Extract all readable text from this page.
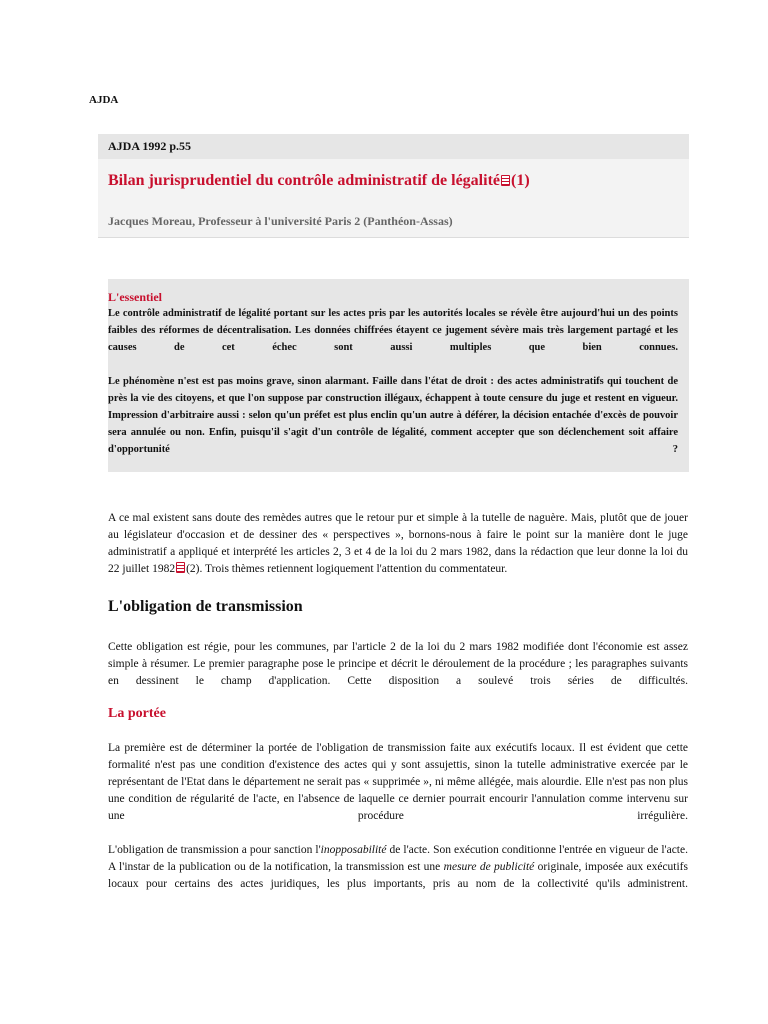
AJDA

AJDA 1992 p.55
Bilan jurisprudentiel du contrôle administratif de légalité (1)

Jacques Moreau, Professeur à l'université Paris 2 (Panthéon-Assas)

L'essentiel

Le contrôle administratif de légalité portant sur les actes pris par les autorités locales se révèle être aujourd'hui un des points faibles des réformes de décentralisation. Les données chiffrées étayent ce jugement sévère mais très largement partagé et les causes de cet échec sont aussi multiples que bien connues.

Le phénomène n'est est pas moins grave, sinon alarmant. Faille dans l'état de droit : des actes administratifs qui touchent de près la vie des citoyens, et que l'on suppose par construction illégaux, échappent à toute censure du juge et restent en vigueur. Impression d'arbitraire aussi : selon qu'un préfet est plus enclin qu'un autre à déférer, la décision entachée d'excès de pouvoir sera annulée ou non. Enfin, puisqu'il s'agit d'un contrôle de légalité, comment accepter que son déclenchement soit affaire d'opportunité ?

A ce mal existent sans doute des remèdes autres que le retour pur et simple à la tutelle de naguère. Mais, plutôt que de jouer au législateur d'occasion et de dessiner des « perspectives », bornons-nous à faire le point sur la manière dont le juge administratif a appliqué et interprété les articles 2, 3 et 4 de la loi du 2 mars 1982, dans la rédaction que leur donne la loi du 22 juillet 1982 (2). Trois thèmes retiennent logiquement l'attention du commentateur.

L'obligation de transmission

Cette obligation est régie, pour les communes, par l'article 2 de la loi du 2 mars 1982 modifiée dont l'économie est assez simple à résumer. Le premier paragraphe pose le principe et décrit le déroulement de la procédure ; les paragraphes suivants en dessinent le champ d'application. Cette disposition a soulevé trois séries de difficultés.

La portée

La première est de déterminer la portée de l'obligation de transmission faite aux exécutifs locaux. Il est évident que cette formalité n'est pas une condition d'existence des actes qui y sont assujettis, sinon la tutelle administrative exercée par le représentant de l'Etat dans le département ne serait pas « supprimée », ni même allégée, mais alourdie. Elle n'est pas non plus une condition de régularité de l'acte, en l'absence de laquelle ce dernier pourrait encourir l'annulation comme intervenu sur une procédure irrégulière.

L'obligation de transmission a pour sanction l'inopposabilité de l'acte. Son exécution conditionne l'entrée en vigueur de l'acte. A l'instar de la publication ou de la notification, la transmission est une mesure de publicité originale, imposée aux exécutifs locaux pour certains des actes juridiques, les plus importants, pris au nom de la collectivité qu'ils administrent.
